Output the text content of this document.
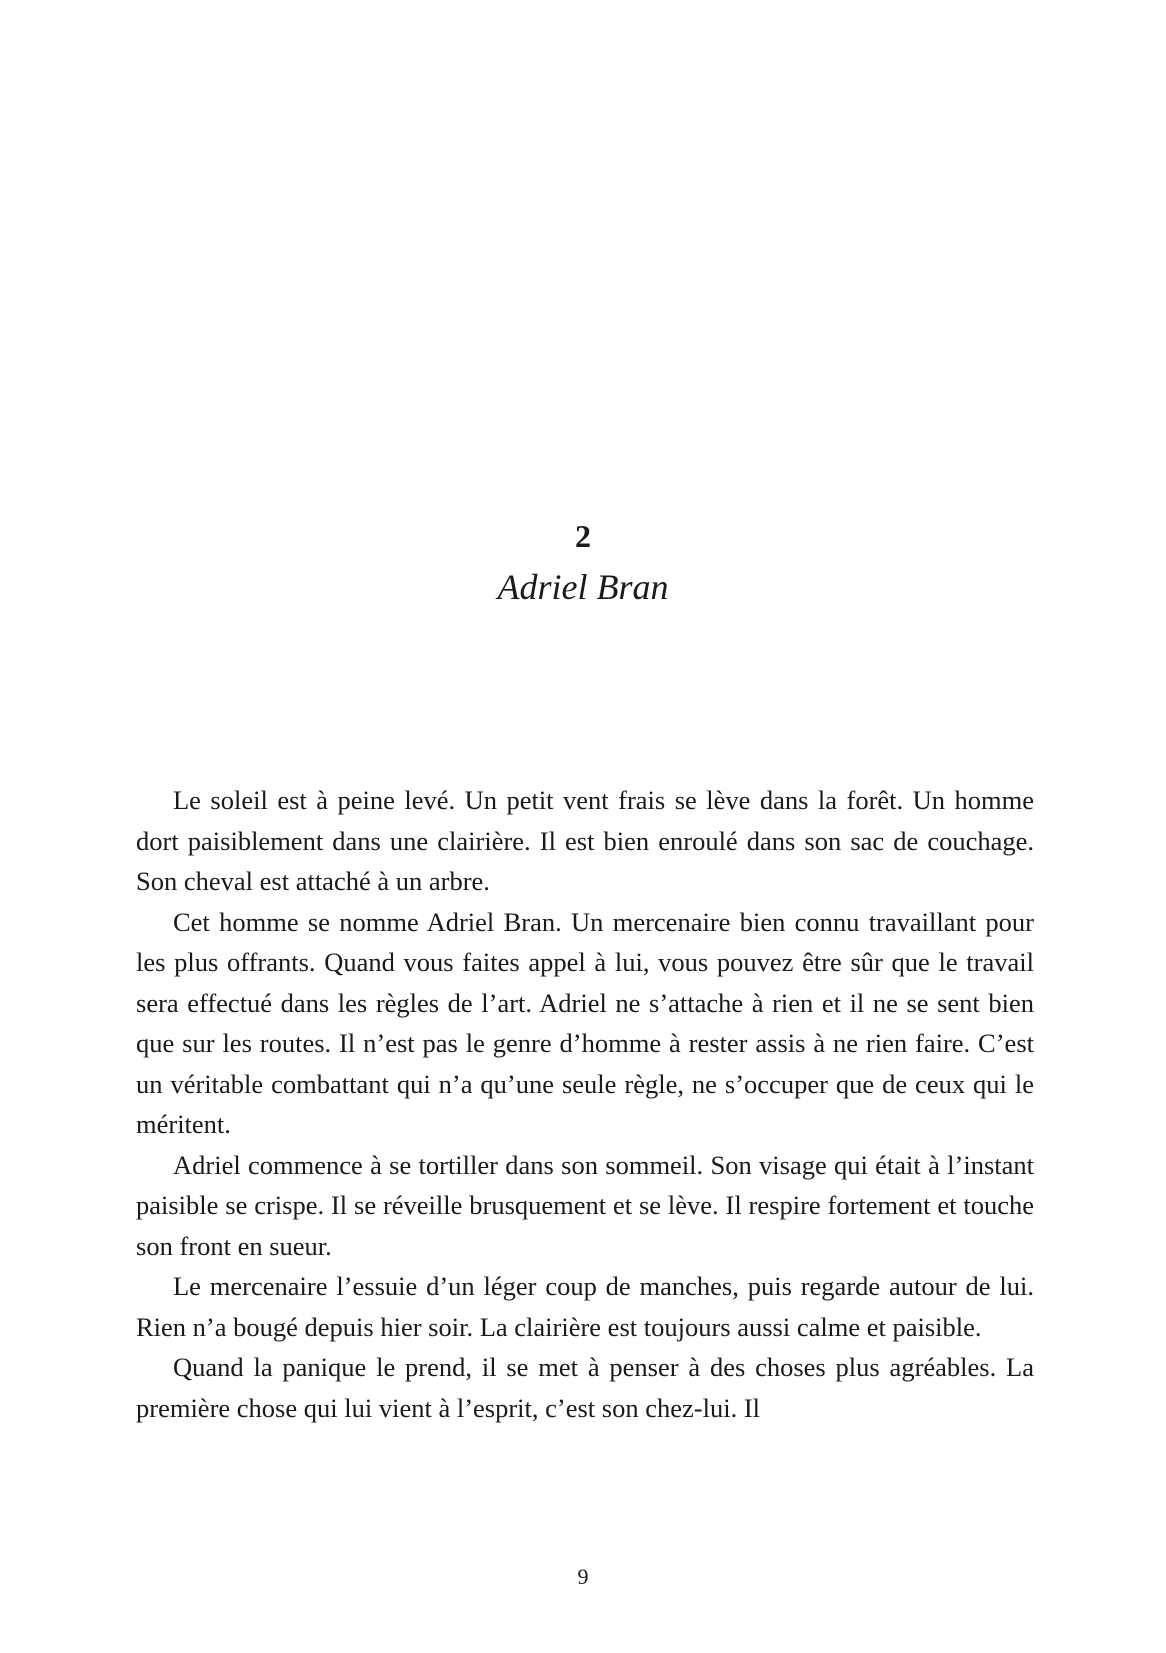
2
Adriel Bran

Le soleil est à peine levé. Un petit vent frais se lève dans la forêt. Un homme dort paisiblement dans une clairière. Il est bien enroulé dans son sac de couchage. Son cheval est attaché à un arbre.

Cet homme se nomme Adriel Bran. Un mercenaire bien connu travaillant pour les plus offrants. Quand vous faites appel à lui, vous pouvez être sûr que le travail sera effectué dans les règles de l’art. Adriel ne s’attache à rien et il ne se sent bien que sur les routes. Il n’est pas le genre d’homme à rester assis à ne rien faire. C’est un véritable combattant qui n’a qu’une seule règle, ne s’occuper que de ceux qui le méritent.

Adriel commence à se tortiller dans son sommeil. Son visage qui était à l’instant paisible se crispe. Il se réveille brusquement et se lève. Il respire fortement et touche son front en sueur.

Le mercenaire l’essuie d’un léger coup de manches, puis regarde autour de lui. Rien n’a bougé depuis hier soir. La clairière est toujours aussi calme et paisible.

Quand la panique le prend, il se met à penser à des choses plus agréables. La première chose qui lui vient à l’esprit, c’est son chez-lui. Il

9
